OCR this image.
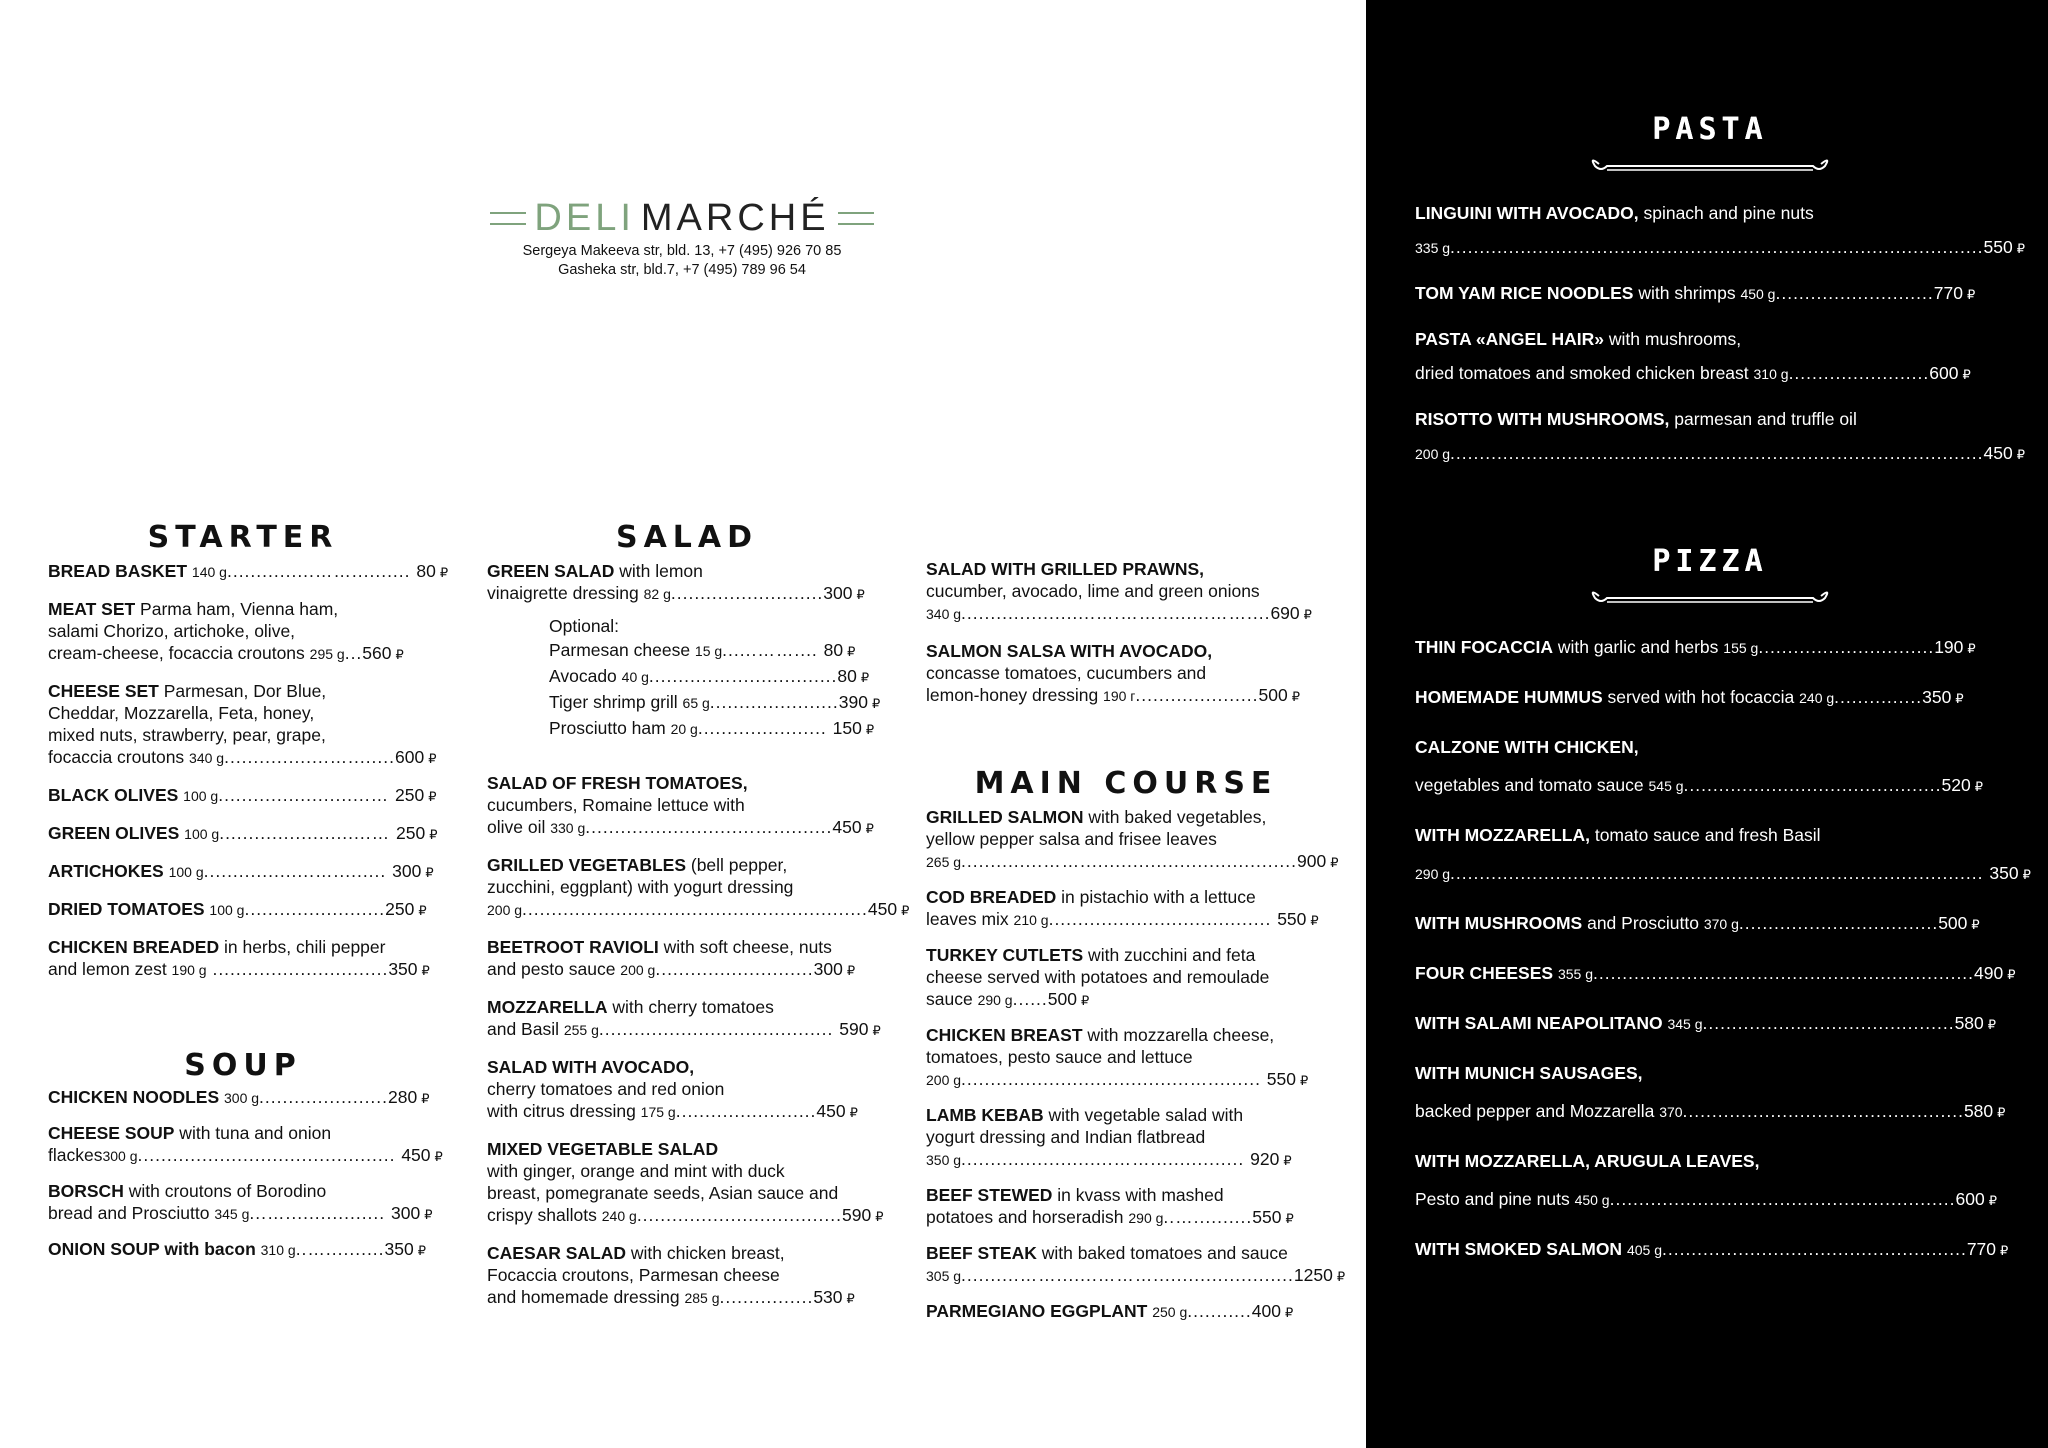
DELI MARCHÉ
Sergeya Makeeva str, bld. 13, +7 (495) 926 70 85
Gasheka str, bld.7, +7 (495) 789 96 54
STARTER
BREAD BASKET 140 g...............…….......... 80 ₽
MEAT SET Parma ham, Vienna ham,
salami Chorizo, artichoke, olive,
cream-cheese, focaccia croutons 295 g...560 ₽
CHEESE SET Parmesan, Dor Blue,
Cheddar, Mozzarella, Feta, honey,
mixed nuts, strawberry, pear, grape,
focaccia croutons 340 g..................…........600 ₽
BLACK OLIVES 100 g..........................… 250 ₽
GREEN OLIVES 100 g..........................… 250 ₽
ARTICHOKES 100 g...................…......... 300 ₽
DRIED TOMATOES 100 g........................250 ₽
CHICKEN BREADED in herbs, chili pepper
and lemon zest 190 g ..............................350 ₽
SOUP
CHICKEN NOODLES 300 g......................280 ₽
CHEESE SOUP with tuna and onion
flackes300 g............................................ 450 ₽
BORSCH with croutons of Borodino
bread and Prosciutto 345 g...…................. 300 ₽
ONION SOUP with bacon 310 g..…..........350 ₽
SALAD
GREEN SALAD with lemon
vinaigrette dressing 82 g..........................300 ₽
Optional:
Parmesan cheese 15 g......…….... 80 ₽
Avocado 40 g...........…..................80 ₽
Tiger shrimp grill 65 g......................390 ₽
Prosciutto ham 20 g...................... 150 ₽
SALAD OF FRESH TOMATOES,
cucumbers, Romaine lettuce with
olive oil 330 g.............................…..........450 ₽
GRILLED VEGETABLES (bell pepper,
zucchini, eggplant) with yogurt dressing
200 g...........................................................450 ₽
BEETROOT RAVIOLI with soft cheese, nuts
and pesto sauce 200 g...........................300 ₽
MOZZARELLA with cherry tomatoes
and Basil 255 g........................................ 590 ₽
SALAD WITH AVOCADO,
cherry tomatoes and red onion
with citrus dressing 175 g........................450 ₽
MIXED VEGETABLE SALAD
with ginger, orange and mint with duck
breast, pomegranate seeds, Asian sauce and
crispy shallots 240 g...................................590 ₽
CAESAR SALAD with chicken breast,
Focaccia croutons, Parmesan cheese
and homemade dressing 285 g................530 ₽
SALAD WITH GRILLED PRAWNS,
cucumber, avocado, lime and green onions
340 g.......................….…….........……....690 ₽
SALMON SALSA WITH AVOCADO,
concasse tomatoes, cucumbers and
lemon-honey dressing 190 г.....................500 ₽
MAIN COURSE
GRILLED SALMON with baked vegetables,
yellow pepper salsa and frisee leaves
265 g..............…….....................................900 ₽
COD BREADED in pistachio with a lettuce
leaves mix 210 g...................................... 550 ₽
TURKEY CUTLETS with zucchini and feta
cheese served with potatoes and remoulade
sauce 290 g......500 ₽
CHICKEN BREAST with mozzarella cheese,
tomatoes, pesto sauce and lettuce
200 g.......................................…......... 550 ₽
LAMB KEBAB with vegetable salad with
yogurt dressing and Indian flatbread
350 g..........................……................ 920 ₽
BEEF STEWED in kvass with mashed
potatoes and horseradish 290 g..…..........550 ₽
BEEF STEAK with baked tomatoes and sauce
305 g..........…….......………........................1250 ₽
PARMEGIANO EGGPLANT 250 g...........400 ₽
PASTA
LINGUINI WITH AVOCADO, spinach and pine nuts
335 g...........................................................................................550 ₽
TOM YAM RICE NOODLES with shrimps 450 g...........................770 ₽
PASTA «ANGEL HAIR» with mushrooms,
dried tomatoes and smoked chicken breast 310 g........................600 ₽
RISOTTO WITH MUSHROOMS, parmesan and truffle oil
200 g...........................................................................................450 ₽
PIZZA
THIN FOCACCIA with garlic and herbs 155 g..............................190 ₽
HOMEMADE HUMMUS served with hot focaccia 240 g...............350 ₽
CALZONE WITH CHICKEN,
vegetables and tomato sauce 545 g............................................520 ₽
WITH MOZZARELLA, tomato sauce and fresh Basil
290 g........................................................................................... 350 ₽
WITH MUSHROOMS and Prosciutto 370 g..................................500 ₽
FOUR CHEESES 355 g.................................................................490 ₽
WITH SALAMI NEAPOLITANO 345 g...........................................580 ₽
WITH MUNICH SAUSAGES,
backed pepper and Mozzarella 370................................................580 ₽
WITH MOZZARELLA, ARUGULA LEAVES,
Pesto and pine nuts 450 g...........................................................600 ₽
WITH SMOKED SALMON 405 g....................................................770 ₽
